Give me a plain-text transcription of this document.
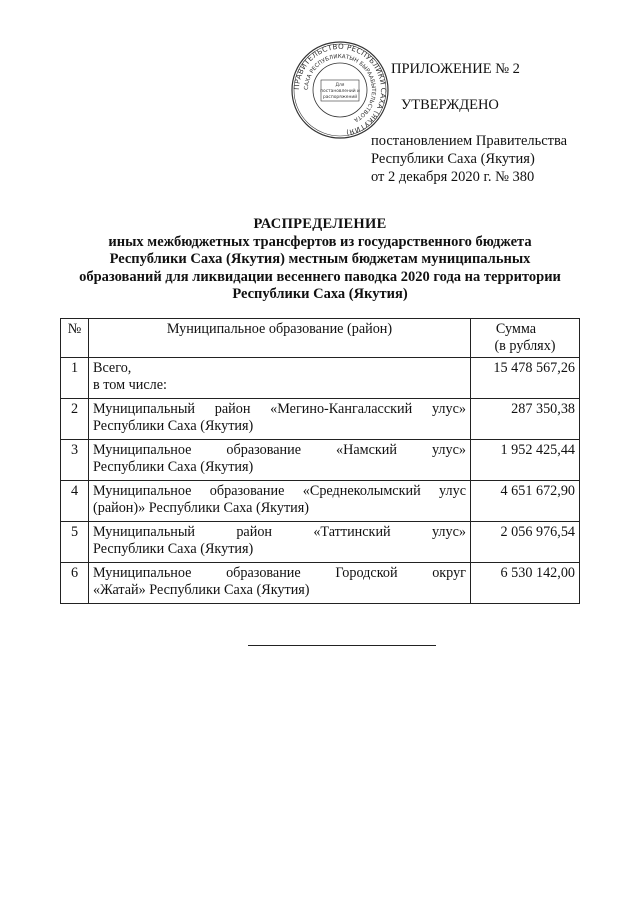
ПРАВИТЕЛЬСТВО РЕСПУБЛИКИ САХА (ЯКУТИЯ)
САХА РЕСПУБЛИКАТЫН БЫРААБЫТЕЛЬСТВОТА
Для
постановлений и
распоряжений
ПРИЛОЖЕНИЕ № 2
УТВЕРЖДЕНО
постановлением Правительства
Республики Саха (Якутия)
от 2 декабря 2020 г. № 380
РАСПРЕДЕЛЕНИЕ
иных межбюджетных трансфертов из государственного бюджета
Республики Саха (Якутия) местным бюджетам муниципальных
образований для ликвидации весеннего паводка 2020 года на территории
Республики Саха (Якутия)
№	Муниципальное образование (район)	Сумма
(в рублях)

1	Всего,
в том числе:	15 478 567,26
2	Муниципальный район «Мегино-Кангаласский улус»
Республики Саха (Якутия)	287 350,38
3	Муниципальное образование «Намский улус»
Республики Саха (Якутия)	1 952 425,44
4	Муниципальное образование «Среднеколымский улус
(район)» Республики Саха (Якутия)	4 651 672,90
5	Муниципальный район «Таттинский улус»
Республики Саха (Якутия)	2 056 976,54
6	Муниципальное образование Городской округ
«Жатай» Республики Саха (Якутия)	6 530 142,00
